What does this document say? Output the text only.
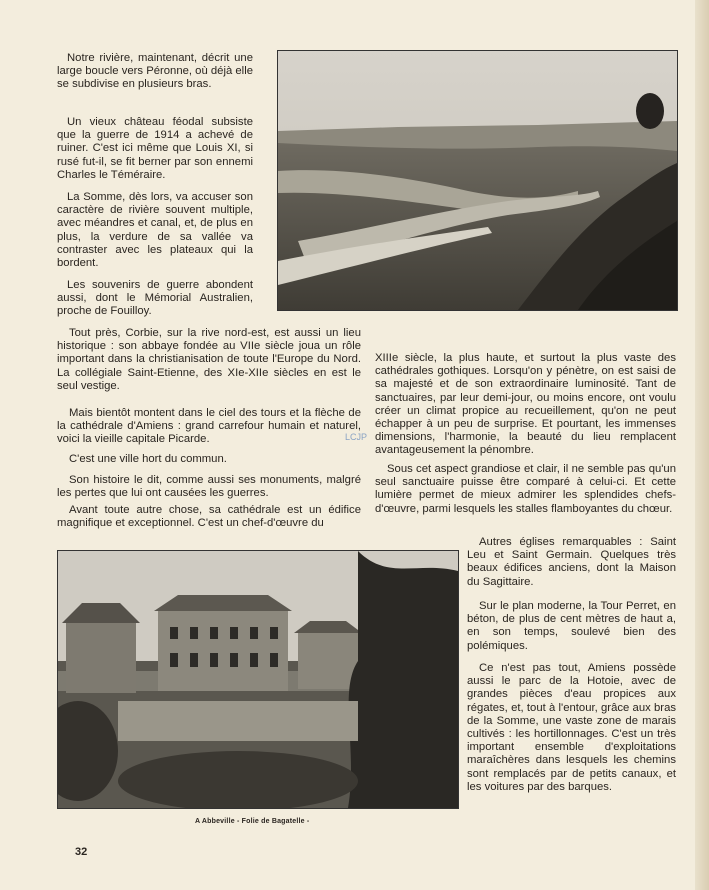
Notre rivière, maintenant, décrit une large boucle vers Péronne, où déjà elle se subdivise en plusieurs bras.

Un vieux château féodal subsiste que la guerre de 1914 a achevé de ruiner. C'est ici même que Louis XI, si rusé fut-il, se fit berner par son ennemi Charles le Téméraire.

La Somme, dès lors, va accuser son caractère de rivière souvent multiple, avec méandres et canal, et, de plus en plus, la verdure de sa vallée va contraster avec les plateaux qui la bordent.

Les souvenirs de guerre abondent aussi, dont le Mémorial Australien, proche de Fouilloy.

Tout près, Corbie, sur la rive nord-est, est aussi un lieu historique : son abbaye fondée au VIIe siècle joua un rôle important dans la christianisation de toute l'Europe du Nord. La collégiale Saint-Etienne, des XIe-XIIe siècles en est le seul vestige.

Mais bientôt montent dans le ciel des tours et la flèche de la cathédrale d'Amiens : grand carrefour humain et naturel, voici la vieille capitale Picarde.

C'est une ville hort du commun.

Son histoire le dit, comme aussi ses monuments, malgré les pertes que lui ont causées les guerres.

Avant toute autre chose, sa cathédrale est un édifice magnifique et exceptionnel. C'est un chef-d'œuvre du

XIIIe siècle, la plus haute, et surtout la plus vaste des cathédrales gothiques. Lorsqu'on y pénètre, on est saisi de sa majesté et de son extraordinaire luminosité. Tant de sanctuaires, par leur demi-jour, ou moins encore, ont voulu créer un climat propice au recueillement, qu'on ne peut échapper à un peu de surprise. Et pourtant, les immenses dimensions, l'harmonie, la beauté du lieu remplacent avantageusement la pénombre.

Sous cet aspect grandiose et clair, il ne semble pas qu'un seul sanctuaire puisse être comparé à celui-ci. Et cette lumière permet de mieux admirer les splendides chefs-d'œuvre, parmi lesquels les stalles flamboyantes du chœur.

LCJP
A Abbeville - Folie de Bagatelle -

Autres églises remarquables : Saint Leu et Saint Germain. Quelques très beaux édifices anciens, dont la Maison du Sagittaire.

Sur le plan moderne, la Tour Perret, en béton, de plus de cent mètres de haut a, en son temps, soulevé bien des polémiques.

Ce n'est pas tout, Amiens possède aussi le parc de la Hotoie, avec de grandes pièces d'eau propices aux régates, et, tout à l'entour, grâce aux bras de la Somme, une vaste zone de marais cultivés : les hortillonnages. C'est un très important ensemble d'exploitations maraîchères dans lesquels les chemins sont remplacés par de petits canaux, et les voitures par des barques.

32
